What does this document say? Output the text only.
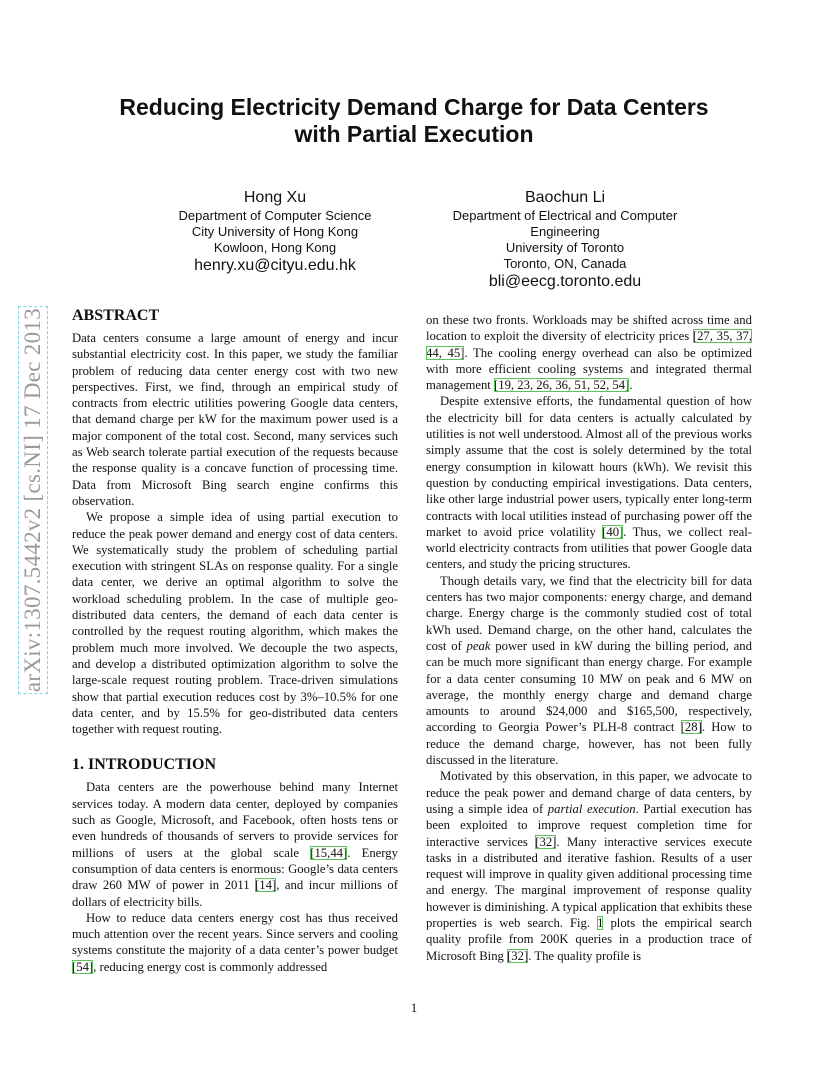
arXiv:1307.5442v2 [cs.NI] 17 Dec 2013
Reducing Electricity Demand Charge for Data Centers
with Partial Execution
Hong Xu
Department of Computer Science
City University of Hong Kong
Kowloon, Hong Kong
henry.xu@cityu.edu.hk
Baochun Li
Department of Electrical and Computer
Engineering
University of Toronto
Toronto, ON, Canada
bli@eecg.toronto.edu
ABSTRACT

Data centers consume a large amount of energy and incur substantial electricity cost. In this paper, we study the familiar problem of reducing data center energy cost with two new perspectives. First, we find, through an empirical study of contracts from electric utilities powering Google data centers, that demand charge per kW for the maximum power used is a major component of the total cost. Second, many services such as Web search tolerate partial execution of the requests because the response quality is a concave function of processing time. Data from Microsoft Bing search engine confirms this observation.

We propose a simple idea of using partial execution to reduce the peak power demand and energy cost of data centers. We systematically study the problem of scheduling partial execution with stringent SLAs on response quality. For a single data center, we derive an optimal algorithm to solve the workload scheduling problem. In the case of multiple geo-distributed data centers, the demand of each data center is controlled by the request routing algorithm, which makes the problem much more involved. We decouple the two aspects, and develop a distributed optimization algorithm to solve the large-scale request routing problem. Trace-driven simulations show that partial execution reduces cost by 3%–10.5% for one data center, and by 15.5% for geo-distributed data centers together with request routing.

1. INTRODUCTION

Data centers are the powerhouse behind many Internet services today. A modern data center, deployed by companies such as Google, Microsoft, and Facebook, often hosts tens or even hundreds of thousands of servers to provide services for millions of users at the global scale [15,44]. Energy consumption of data centers is enormous: Google’s data centers draw 260 MW of power in 2011 [14], and incur millions of dollars of electricity bills.

How to reduce data centers energy cost has thus received much attention over the recent years. Since servers and cooling systems constitute the majority of a data center’s power budget [54], reducing energy cost is commonly addressed

on these two fronts. Workloads may be shifted across time and location to exploit the diversity of electricity prices [27, 35, 37, 44, 45]. The cooling energy overhead can also be optimized with more efficient cooling systems and integrated thermal management [19, 23, 26, 36, 51, 52, 54].

Despite extensive efforts, the fundamental question of how the electricity bill for data centers is actually calculated by utilities is not well understood. Almost all of the previous works simply assume that the cost is solely determined by the total energy consumption in kilowatt hours (kWh). We revisit this question by conducting empirical investigations. Data centers, like other large industrial power users, typically enter long-term contracts with local utilities instead of purchasing power off the market to avoid price volatility [40]. Thus, we collect real-world electricity contracts from utilities that power Google data centers, and study the pricing structures.

Though details vary, we find that the electricity bill for data centers has two major components: energy charge, and demand charge. Energy charge is the commonly studied cost of total kWh used. Demand charge, on the other hand, calculates the cost of peak power used in kW during the billing period, and can be much more significant than energy charge. For example for a data center consuming 10 MW on peak and 6 MW on average, the monthly energy charge and demand charge amounts to around $24,000 and $165,500, respectively, according to Georgia Power’s PLH-8 contract [28]. How to reduce the demand charge, however, has not been fully discussed in the literature.

Motivated by this observation, in this paper, we advocate to reduce the peak power and demand charge of data centers, by using a simple idea of partial execution. Partial execution has been exploited to improve request completion time for interactive services [32]. Many interactive services execute tasks in a distributed and iterative fashion. Results of a user request will improve in quality given additional processing time and energy. The marginal improvement of response quality however is diminishing. A typical application that exhibits these properties is web search. Fig. 1 plots the empirical search quality profile from 200K queries in a production trace of Microsoft Bing [32]. The quality profile is

1
